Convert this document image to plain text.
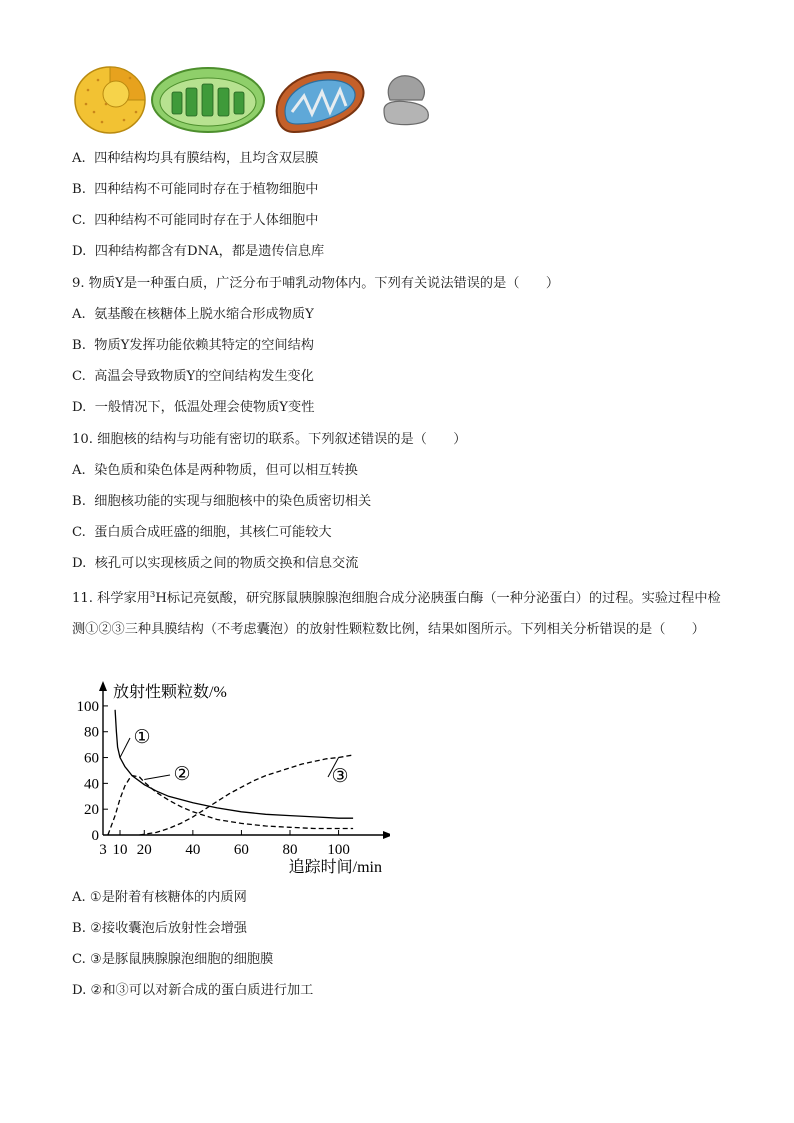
A. 四种结构均具有膜结构，且均含双层膜
B. 四种结构不可能同时存在于植物细胞中
C. 四种结构不可能同时存在于人体细胞中
D. 四种结构都含有DNA，都是遗传信息库
9. 物质Y是一种蛋白质，广泛分布于哺乳动物体内。下列有关说法错误的是（　　）
A. 氨基酸在核糖体上脱水缩合形成物质Y
B. 物质Y发挥功能依赖其特定的空间结构
C. 高温会导致物质Y的空间结构发生变化
D. 一般情况下，低温处理会使物质Y变性
10. 细胞核的结构与功能有密切的联系。下列叙述错误的是（　　）
A. 染色质和染色体是两种物质，但可以相互转换
B. 细胞核功能的实现与细胞核中的染色质密切相关
C. 蛋白质合成旺盛的细胞，其核仁可能较大
D. 核孔可以实现核质之间的物质交换和信息交流
11. 科学家用$^3$H标记亮氨酸，研究豚鼠胰腺腺泡细胞合成分泌胰蛋白酶（一种分泌蛋白）的过程。实验过程中检测①②③三种具膜结构（不考虑囊泡）的放射性颗粒数比例，结果如图所示。下列相关分析错误的是（　　）
0
20
40
60
80
100
3 10 20 40 60 80 100
放射性颗粒数/%
追踪时间/min
①
②	③
A. ①是附着有核糖体的内质网
B. ②接收囊泡后放射性会增强
C. ③是豚鼠胰腺腺泡细胞的细胞膜
D. ②和③可以对新合成的蛋白质进行加工
